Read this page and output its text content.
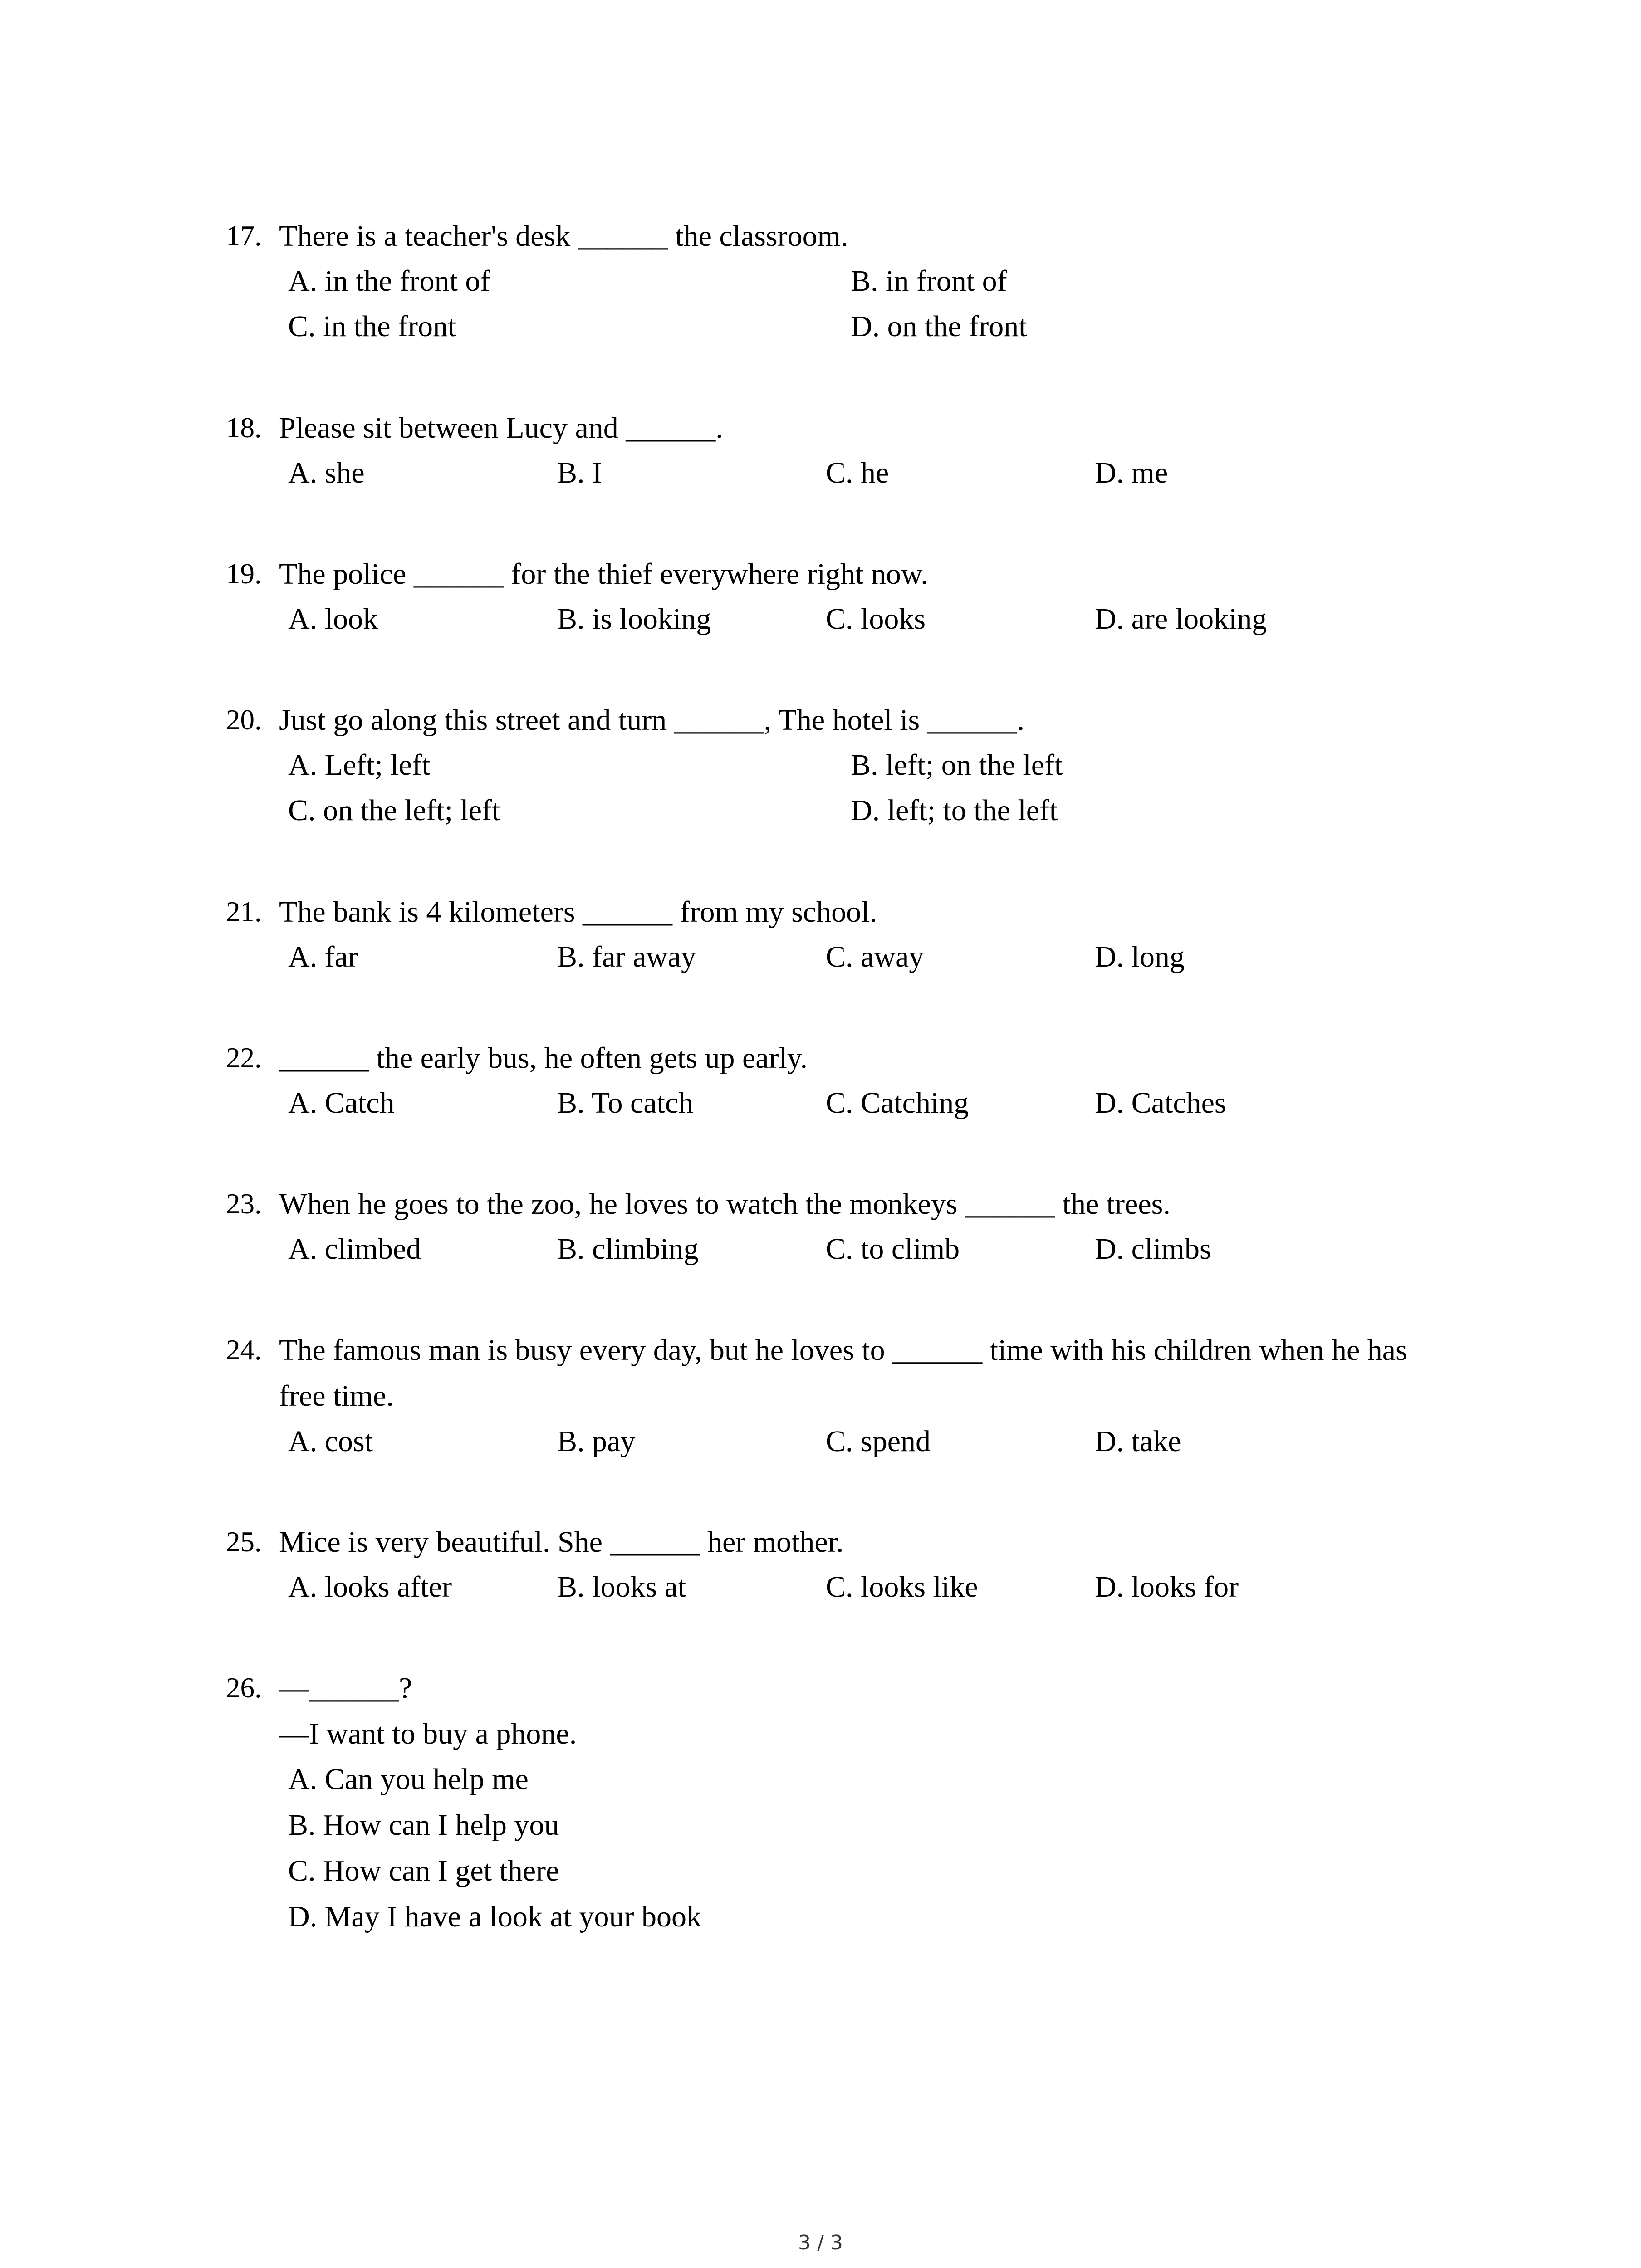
17. There is a teacher's desk ______ the classroom.
A. in the front of	B. in front of
C. in the front	D. on the front
18. Please sit between Lucy and ______.
A. she	B. I	C. he	D. me
19. The police ______ for the thief everywhere right now.
A. look	B. is looking	C. looks	D. are looking
20. Just go along this street and turn ______, The hotel is ______.
A. Left; left	B. left; on the left
C. on the left; left	D. left; to the left
21. The bank is 4 kilometers ______ from my school.
A. far	B. far away	C. away	D. long
22. ______ the early bus, he often gets up early.
A. Catch	B. To catch	C. Catching	D. Catches
23. When he goes to the zoo, he loves to watch the monkeys ______ the trees.
A. climbed	B. climbing	C. to climb	D. climbs
24. The famous man is busy every day, but he loves to ______ time with his children when he has
free time.
A. cost	B. pay	C. spend	D. take
25. Mice is very beautiful. She ______ her mother.
A. looks after	B. looks at	C. looks like	D. looks for
26. —______?
—I want to buy a phone.
A. Can you help me
B. How can I help you
C. How can I get there
D. May I have a look at your book
3 / 3
